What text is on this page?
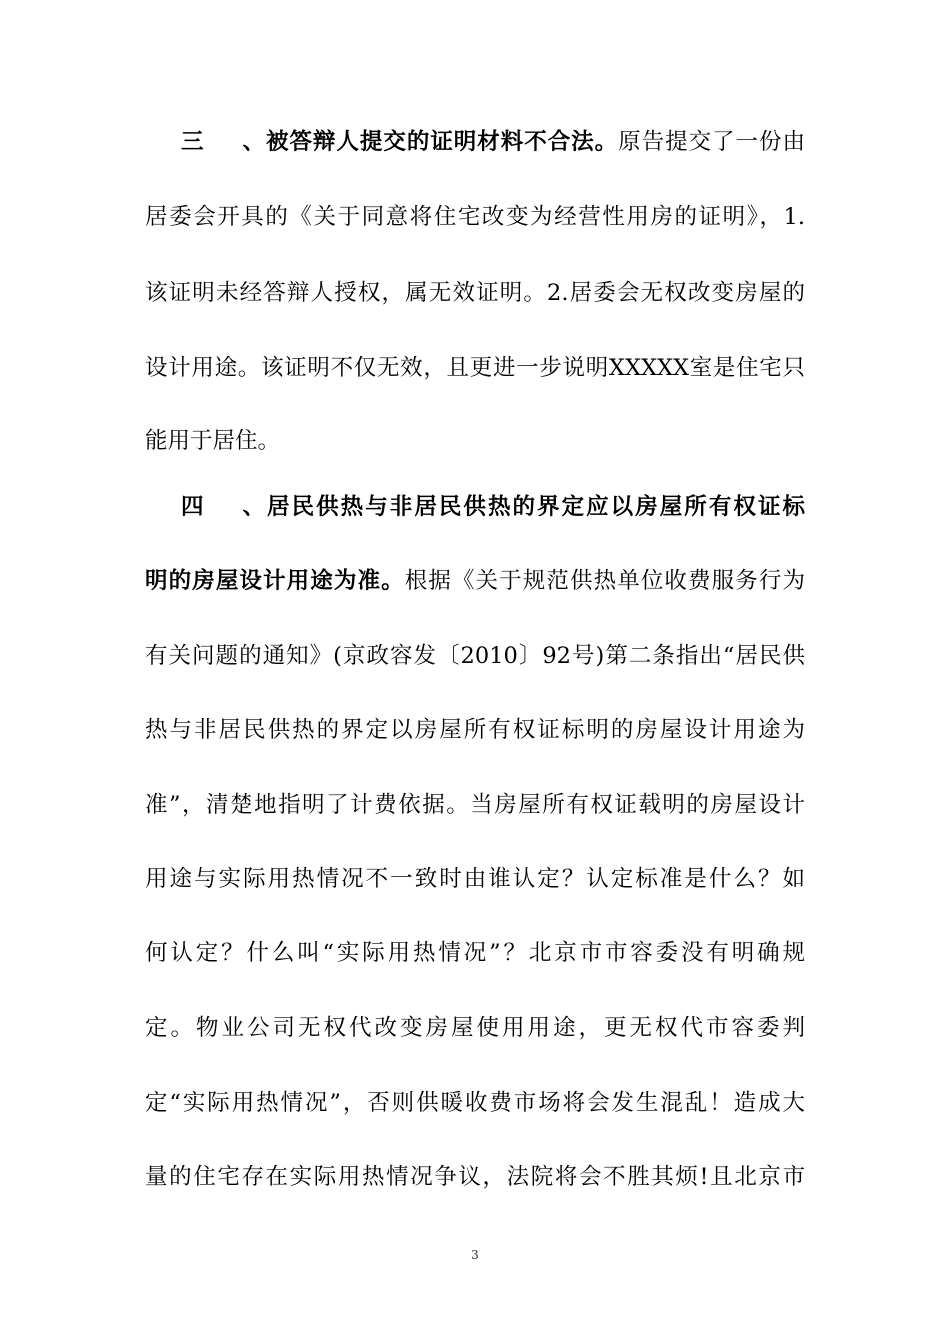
三、被答辩人提交的证明材料不合法。原告提交了一份由
居委会开具的《关于同意将住宅改变为经营性用房的证明》，1.
该证明未经答辩人授权，属无效证明。2.居委会无权改变房屋的
设计用途。该证明不仅无效，且更进一步说明XXXXX室是住宅只
能用于居住。
四、居民供热与非居民供热的界定应以房屋所有权证标
明的房屋设计用途为准。根据《关于规范供热单位收费服务行为
有关问题的通知》(京政容发〔2010〕92号)第二条指出“居民供
热与非居民供热的界定以房屋所有权证标明的房屋设计用途为
准”，清楚地指明了计费依据。当房屋所有权证载明的房屋设计
用途与实际用热情况不一致时由谁认定？认定标准是什么？如
何认定？什么叫“实际用热情况”？北京市市容委没有明确规
定。物业公司无权代改变房屋使用用途，更无权代市容委判
定“实际用热情况”，否则供暖收费市场将会发生混乱！造成大
量的住宅存在实际用热情况争议，法院将会不胜其烦!且北京市
3
